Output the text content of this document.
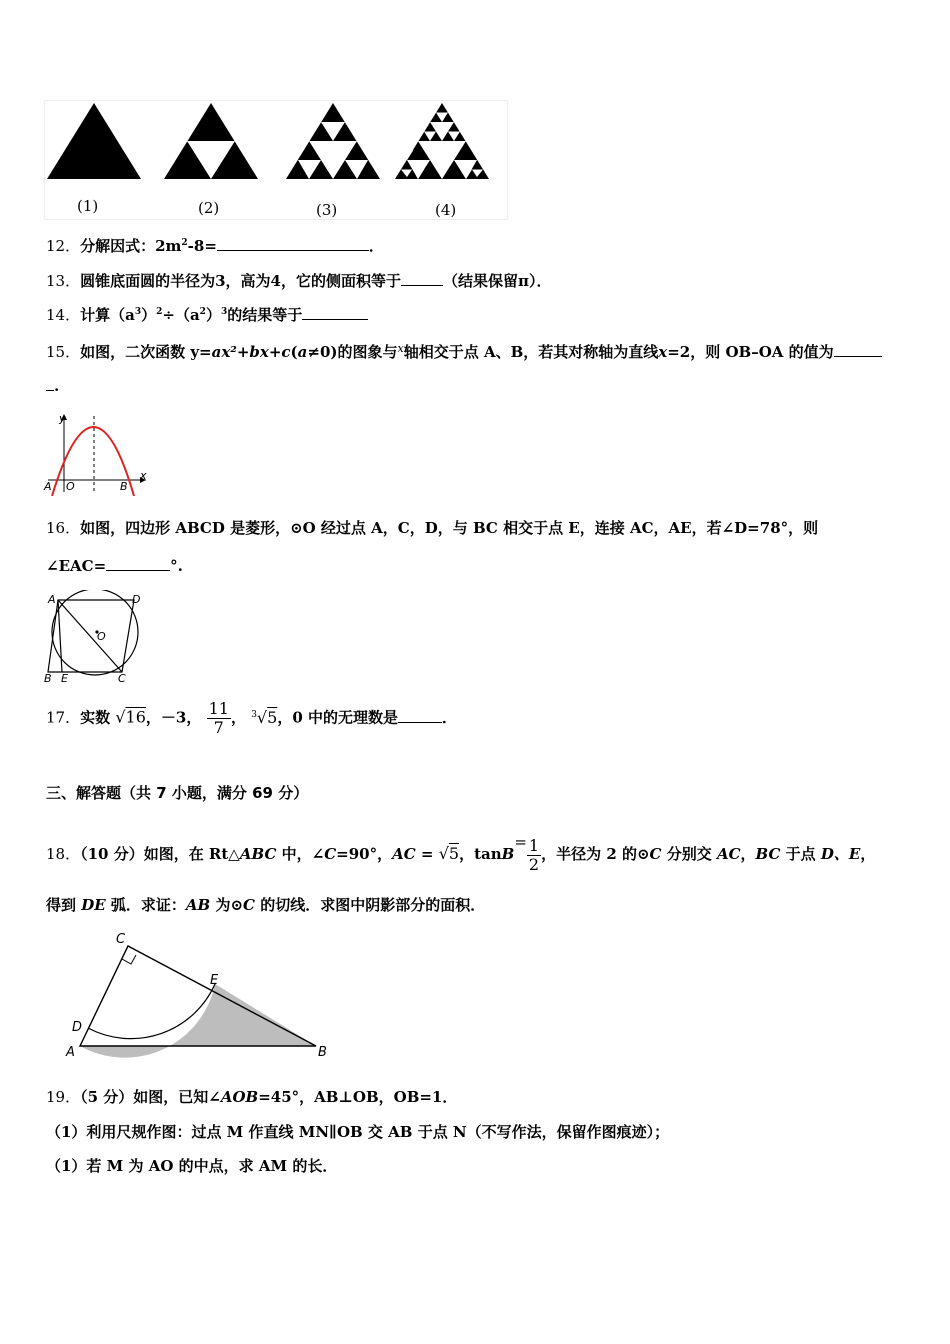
(1)	(2)	(3)	(4)
12．分解因式：$2m^2-8=$	．
13．圆锥底面圆的半径为3，高为4，它的侧面积等于	（结果保留π）．
14．计算$(a^3)^2\div(a^2)^3$的结果等于
15．如图，二次函数 y=ax²+bx+c(a≠0)的图象与$^x$轴相交于点 A、B，若其对称轴为直线x=2，则 OB–OA 的值为
.
y
x
A O	B
16．如图，四边形 ABCD 是菱形，⊙O 经过点 A，C，D，与 BC 相交于点 E，连接 AC，AE，若∠D=78°，则
∠EAC=	°.
A	D
O
B E	C
17．实数 √16，－3， $\frac{11}{7}$ ， $^3$√5，0 中的无理数是	．
三、解答题（共 7 小题，满分 69 分）
18．（10 分）如图，在 Rt△ABC 中，∠C=90°，AC = √5，$\tan B= \frac{1}{2}$ ，半径为 2 的⊙C 分别交 AC，BC 于点 D、E，
得到 DE 弧．求证：AB 为⊙C 的切线．求图中阴影部分的面积．
C
E
D
A	B
19．（5 分）如图，已知∠AOB=45°，AB⊥OB，OB=1．
（1）利用尺规作图：过点 M 作直线 MN∥OB 交 AB 于点 N（不写作法，保留作图痕迹）；
（1）若 M 为 AO 的中点，求 AM 的长．
